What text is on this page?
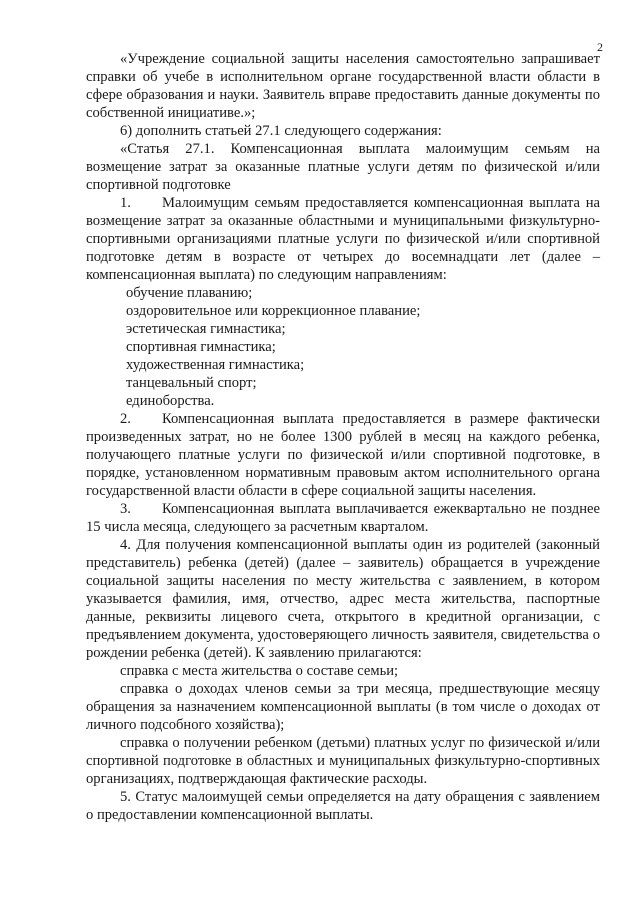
2

«Учреждение социальной защиты населения самостоятельно запрашивает справки об учебе в исполнительном органе государственной власти области в сфере образования и науки. Заявитель вправе предоставить данные документы по собственной инициативе.»;

6) дополнить статьей 27.1 следующего содержания:

«Статья 27.1. Компенсационная выплата малоимущим семьям на возмещение затрат за оказанные платные услуги детям по физической и/или спортивной подготовке

1. Малоимущим семьям предоставляется компенсационная выплата на возмещение затрат за оказанные областными и муниципальными физкультурно-спортивными организациями платные услуги по физической и/или спортивной подготовке детям в возрасте от четырех до восемнадцати лет (далее – компенсационная выплата) по следующим направлениям:

обучение плаванию;

оздоровительное или коррекционное плавание;

эстетическая гимнастика;

спортивная гимнастика;

художественная гимнастика;

танцевальный спорт;

единоборства.

2. Компенсационная выплата предоставляется в размере фактически произведенных затрат, но не более 1300 рублей в месяц на каждого ребенка, получающего платные услуги по физической и/или спортивной подготовке, в порядке, установленном нормативным правовым актом исполнительного органа государственной власти области в сфере социальной защиты населения.

3. Компенсационная выплата выплачивается ежеквартально не позднее 15 числа месяца, следующего за расчетным кварталом.

4. Для получения компенсационной выплаты один из родителей (законный представитель) ребенка (детей) (далее – заявитель) обращается в учреждение социальной защиты населения по месту жительства с заявлением, в котором указывается фамилия, имя, отчество, адрес места жительства, паспортные данные, реквизиты лицевого счета, открытого в кредитной организации, с предъявлением документа, удостоверяющего личность заявителя, свидетельства о рождении ребенка (детей). К заявлению прилагаются:

справка с места жительства о составе семьи;

справка о доходах членов семьи за три месяца, предшествующие месяцу обращения за назначением компенсационной выплаты (в том числе о доходах от личного подсобного хозяйства);

справка о получении ребенком (детьми) платных услуг по физической и/или спортивной подготовке в областных и муниципальных физкультурно-спортивных организациях, подтверждающая фактические расходы.

5. Статус малоимущей семьи определяется на дату обращения с заявлением о предоставлении компенсационной выплаты.
